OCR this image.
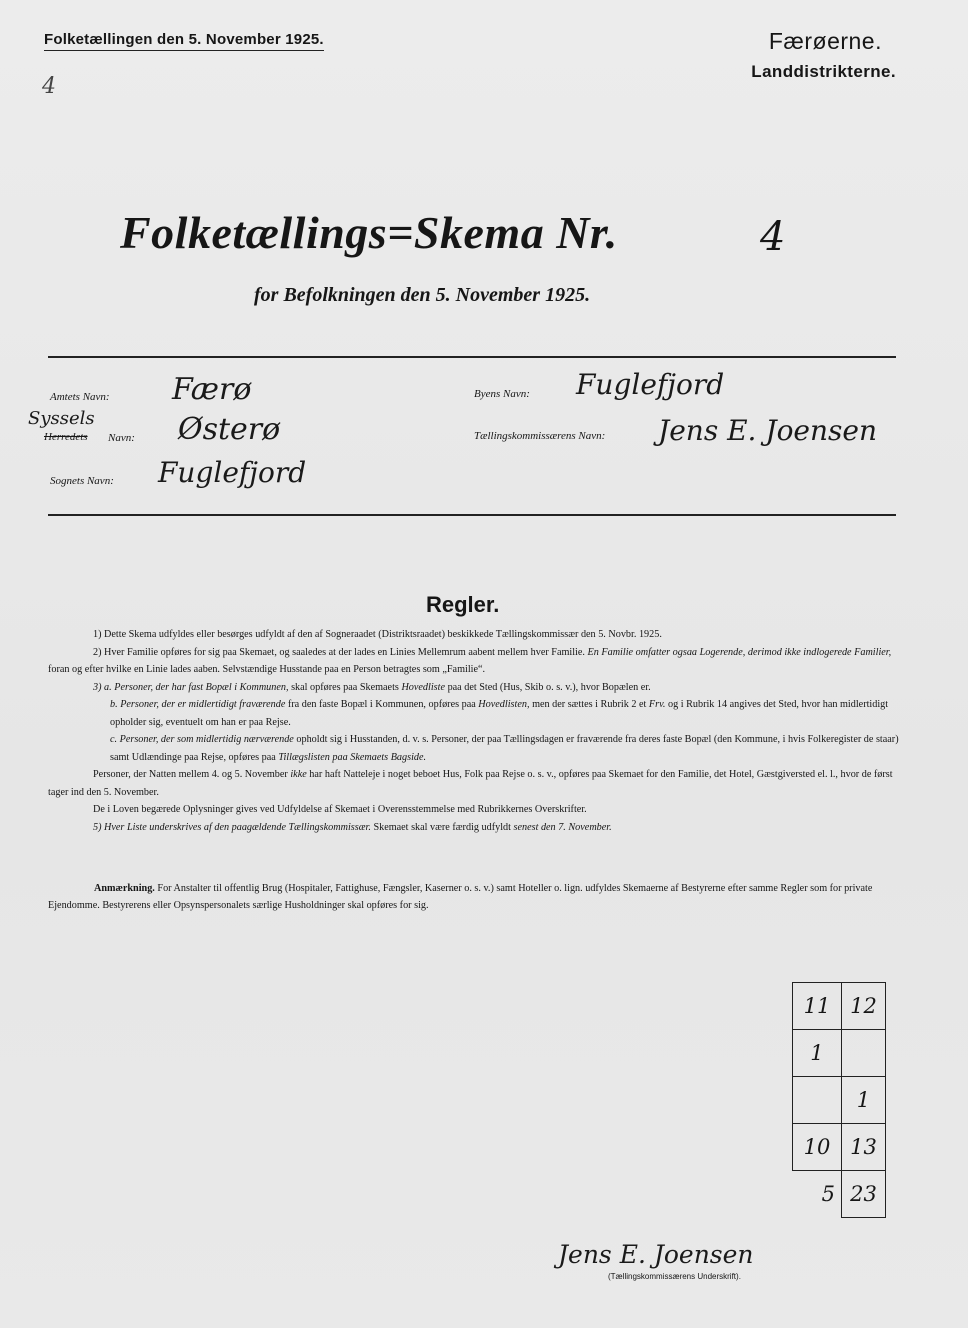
Folketællingen den 5. November 1925.	Færøerne.
Landdistrikterne.
4
Folketællings=Skema Nr.	4
for Befolkningen den 5. November 1925.
Amtets Navn: Færø
Syssels
Herredets Navn: Østerø
Sognets Navn: Fuglefjord
Byens Navn: Fuglefjord
Tællingskommissærens Navn: Jens E. Joensen
Regler.

1) Dette Skema udfyldes eller besørges udfyldt af den af Sogneraadet (Distriktsraadet) beskikkede Tællingskommissær den 5. Novbr. 1925.

2) Hver Familie opføres for sig paa Skemaet, og saaledes at der lades en Linies Mellemrum aabent mellem hver Familie. En Familie omfatter ogsaa Logerende, derimod ikke indlogerede Familier, foran og efter hvilke en Linie lades aaben. Selvstændige Husstande paa en Person betragtes som „Familie“.

3) a. Personer, der har fast Bopæl i Kommunen, skal opføres paa Skemaets Hovedliste paa det Sted (Hus, Skib o. s. v.), hvor Bopælen er.

b. Personer, der er midlertidigt fraværende fra den faste Bopæl i Kommunen, opføres paa Hovedlisten, men der sættes i Rubrik 2 et Frv. og i Rubrik 14 angives det Sted, hvor han midlertidigt opholder sig, eventuelt om han er paa Rejse.

c. Personer, der som midlertidig nærværende opholdt sig i Husstanden, d. v. s. Personer, der paa Tællingsdagen er fraværende fra deres faste Bopæl (den Kommune, i hvis Folkeregister de staar) samt Udlændinge paa Rejse, opføres paa Tillægslisten paa Skemaets Bagside.

Personer, der Natten mellem 4. og 5. November ikke har haft Natteleje i noget beboet Hus, Folk paa Rejse o. s. v., opføres paa Skemaet for den Familie, det Hotel, Gæstgiversted el. l., hvor de først tager ind den 5. November.

De i Loven begærede Oplysninger gives ved Udfyldelse af Skemaet i Overensstemmelse med Rubrikkernes Overskrifter.

5) Hver Liste underskrives af den paagældende Tællingskommissær. Skemaet skal være færdig udfyldt senest den 7. November.

Anmærkning. For Anstalter til offentlig Brug (Hospitaler, Fattighuse, Fængsler, Kaserner o. s. v.) samt Hoteller o. lign. udfyldes Skemaerne af Bestyrerne efter samme Regler som for private Ejendomme. Bestyrerens eller Opsynspersonalets særlige Husholdninger skal opføres for sig.

11	12
1	
	1
10	13
5	23
Jens E. Joensen
(Tællingskommissærens Underskrift).
